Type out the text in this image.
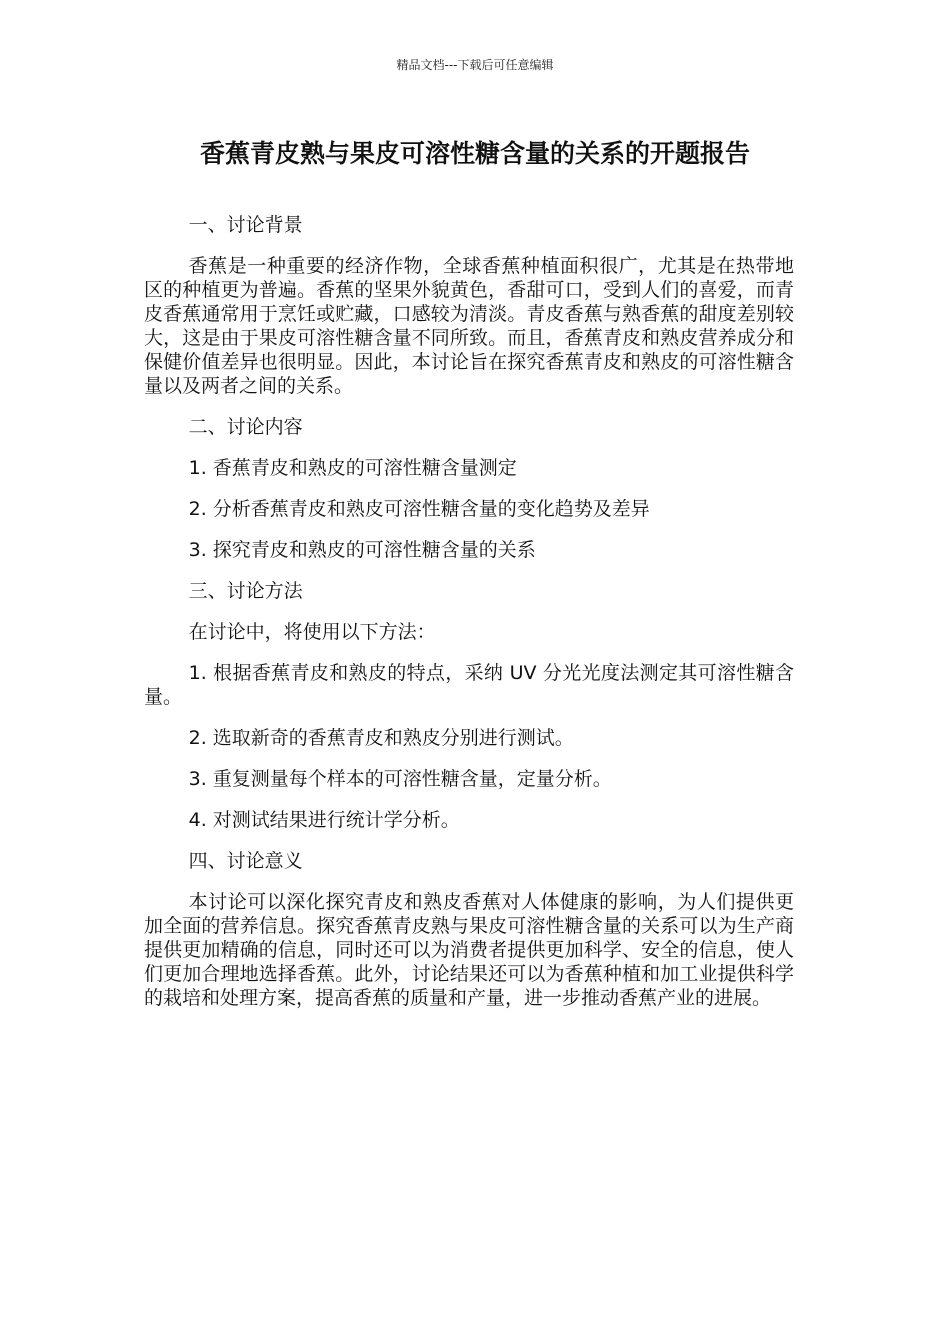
精品文档---下载后可任意编辑
香蕉青皮熟与果皮可溶性糖含量的关系的开题报告

一、讨论背景

香蕉是一种重要的经济作物，全球香蕉种植面积很广，尤其是在热带地区的种植更为普遍。香蕉的坚果外貌黄色，香甜可口，受到人们的喜爱，而青皮香蕉通常用于烹饪或贮藏，口感较为清淡。青皮香蕉与熟香蕉的甜度差别较大，这是由于果皮可溶性糖含量不同所致。而且，香蕉青皮和熟皮营养成分和保健价值差异也很明显。因此，本讨论旨在探究香蕉青皮和熟皮的可溶性糖含量以及两者之间的关系。

二、讨论内容

1. 香蕉青皮和熟皮的可溶性糖含量测定

2. 分析香蕉青皮和熟皮可溶性糖含量的变化趋势及差异

3. 探究青皮和熟皮的可溶性糖含量的关系

三、讨论方法

在讨论中，将使用以下方法：

1. 根据香蕉青皮和熟皮的特点，采纳 UV 分光光度法测定其可溶性糖含量。

2. 选取新奇的香蕉青皮和熟皮分别进行测试。

3. 重复测量每个样本的可溶性糖含量，定量分析。

4. 对测试结果进行统计学分析。

四、讨论意义

本讨论可以深化探究青皮和熟皮香蕉对人体健康的影响，为人们提供更加全面的营养信息。探究香蕉青皮熟与果皮可溶性糖含量的关系可以为生产商提供更加精确的信息，同时还可以为消费者提供更加科学、安全的信息，使人们更加合理地选择香蕉。此外，讨论结果还可以为香蕉种植和加工业提供科学的栽培和处理方案，提高香蕉的质量和产量，进一步推动香蕉产业的进展。
